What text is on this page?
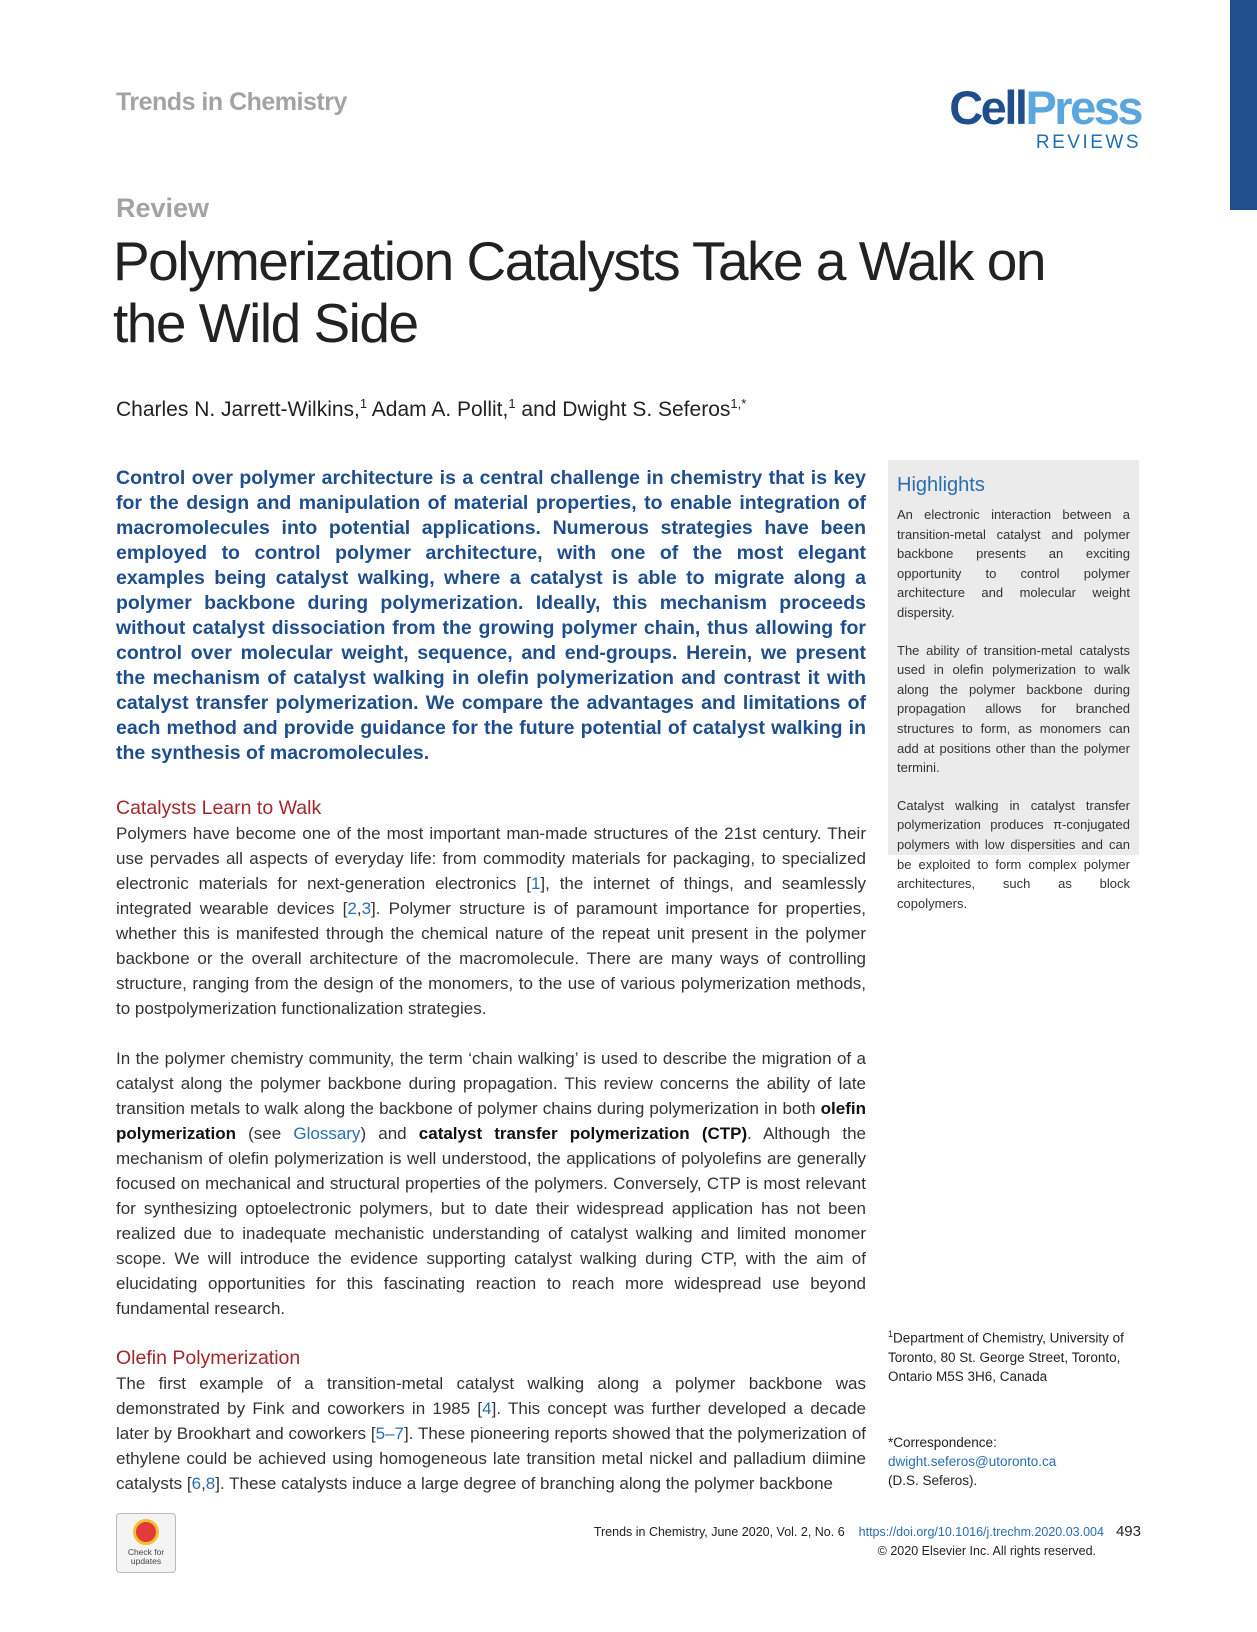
Trends in Chemistry	CellPress
REVIEWS
Review
Polymerization Catalysts Take a Walk on the Wild Side
Charles N. Jarrett-Wilkins,$^1$ Adam A. Pollit,$^1$ and Dwight S. Seferos$^{1,*}$

Control over polymer architecture is a central challenge in chemistry that is key for the design and manipulation of material properties, to enable integration of macromolecules into potential applications. Numerous strategies have been employed to control polymer architecture, with one of the most elegant examples being catalyst walking, where a catalyst is able to migrate along a polymer backbone during polymerization. Ideally, this mechanism proceeds without catalyst dissociation from the growing polymer chain, thus allowing for control over molecular weight, sequence, and end-groups. Herein, we present the mechanism of catalyst walking in olefin polymerization and contrast it with catalyst transfer polymerization. We compare the advantages and limitations of each method and provide guidance for the future potential of catalyst walking in the synthesis of macromolecules.

Catalysts Learn to Walk

Polymers have become one of the most important man-made structures of the 21st century. Their use pervades all aspects of everyday life: from commodity materials for packaging, to specialized electronic materials for next-generation electronics [1], the internet of things, and seamlessly integrated wearable devices [2,3]. Polymer structure is of paramount importance for properties, whether this is manifested through the chemical nature of the repeat unit present in the polymer backbone or the overall architecture of the macromolecule. There are many ways of controlling structure, ranging from the design of the monomers, to the use of various polymerization methods, to postpolymerization functionalization strategies.

In the polymer chemistry community, the term ‘chain walking’ is used to describe the migration of a catalyst along the polymer backbone during propagation. This review concerns the ability of late transition metals to walk along the backbone of polymer chains during polymerization in both olefin polymerization (see Glossary) and catalyst transfer polymerization (CTP). Although the mechanism of olefin polymerization is well understood, the applications of polyolefins are generally focused on mechanical and structural properties of the polymers. Conversely, CTP is most relevant for synthesizing optoelectronic polymers, but to date their widespread application has not been realized due to inadequate mechanistic understanding of catalyst walking and limited monomer scope. We will introduce the evidence supporting catalyst walking during CTP, with the aim of elucidating opportunities for this fascinating reaction to reach more widespread use beyond fundamental research.

Olefin Polymerization

The first example of a transition-metal catalyst walking along a polymer backbone was demonstrated by Fink and coworkers in 1985 [4]. This concept was further developed a decade later by Brookhart and coworkers [5–7]. These pioneering reports showed that the polymerization of ethylene could be achieved using homogeneous late transition metal nickel and palladium diimine catalysts [6,8]. These catalysts induce a large degree of branching along the polymer backbone

Highlights

An electronic interaction between a transition-metal catalyst and polymer backbone presents an exciting opportunity to control polymer architecture and molecular weight dispersity.

The ability of transition-metal catalysts used in olefin polymerization to walk along the polymer backbone during propagation allows for branched structures to form, as monomers can add at positions other than the polymer termini.

Catalyst walking in catalyst transfer polymerization produces π-conjugated polymers with low dispersities and can be exploited to form complex polymer architectures, such as block copolymers.

$^1$Department of Chemistry, University of Toronto, 80 St. George Street, Toronto, Ontario M5S 3H6, Canada
*Correspondence:
dwight.seferos@utoronto.ca
(D.S. Seferos).
Check for
updates
Trends in Chemistry, June 2020, Vol. 2, No. 6 https://doi.org/10.1016/j.trechm.2020.03.004 493
© 2020 Elsevier Inc. All rights reserved.
